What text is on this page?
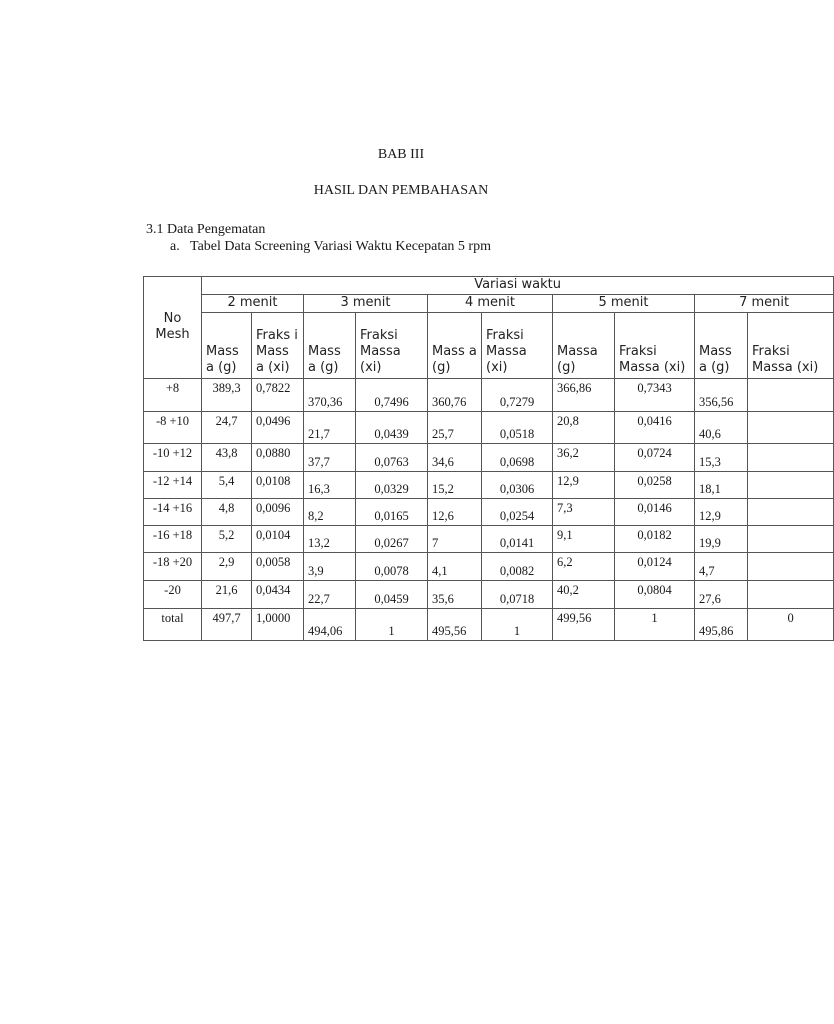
BAB III
HASIL DAN PEMBAHASAN
3.1 Data Pengematan
a. Tabel Data Screening Variasi Waktu Kecepatan 5 rpm
No Mesh	Variasi waktu									
	2 menit		3 menit		4 menit		5 menit		7 menit	
	Mass a (g)	Fraks i Mass a (xi)	Mass a (g)	Fraksi Massa (xi)	Mass a (g)	Fraksi Massa (xi)	Massa (g)	Fraksi Massa (xi)	Mass a (g)	Fraksi Massa (xi)
+8	389,3	0,7822	370,36	0,7496	360,76	0,7279	366,86	0,7343	356,56	
-8 +10	24,7	0,0496	21,7	0,0439	25,7	0,0518	20,8	0,0416	40,6	
-10 +12	43,8	0,0880	37,7	0,0763	34,6	0,0698	36,2	0,0724	15,3	
-12 +14	5,4	0,0108	16,3	0,0329	15,2	0,0306	12,9	0,0258	18,1	
-14 +16	4,8	0,0096	8,2	0,0165	12,6	0,0254	7,3	0,0146	12,9	
-16 +18	5,2	0,0104	13,2	0,0267	7	0,0141	9,1	0,0182	19,9	
-18 +20	2,9	0,0058	3,9	0,0078	4,1	0,0082	6,2	0,0124	4,7	
-20	21,6	0,0434	22,7	0,0459	35,6	0,0718	40,2	0,0804	27,6	
total	497,7	1,0000	494,06	1	495,56	1	499,56	1	495,86	0
